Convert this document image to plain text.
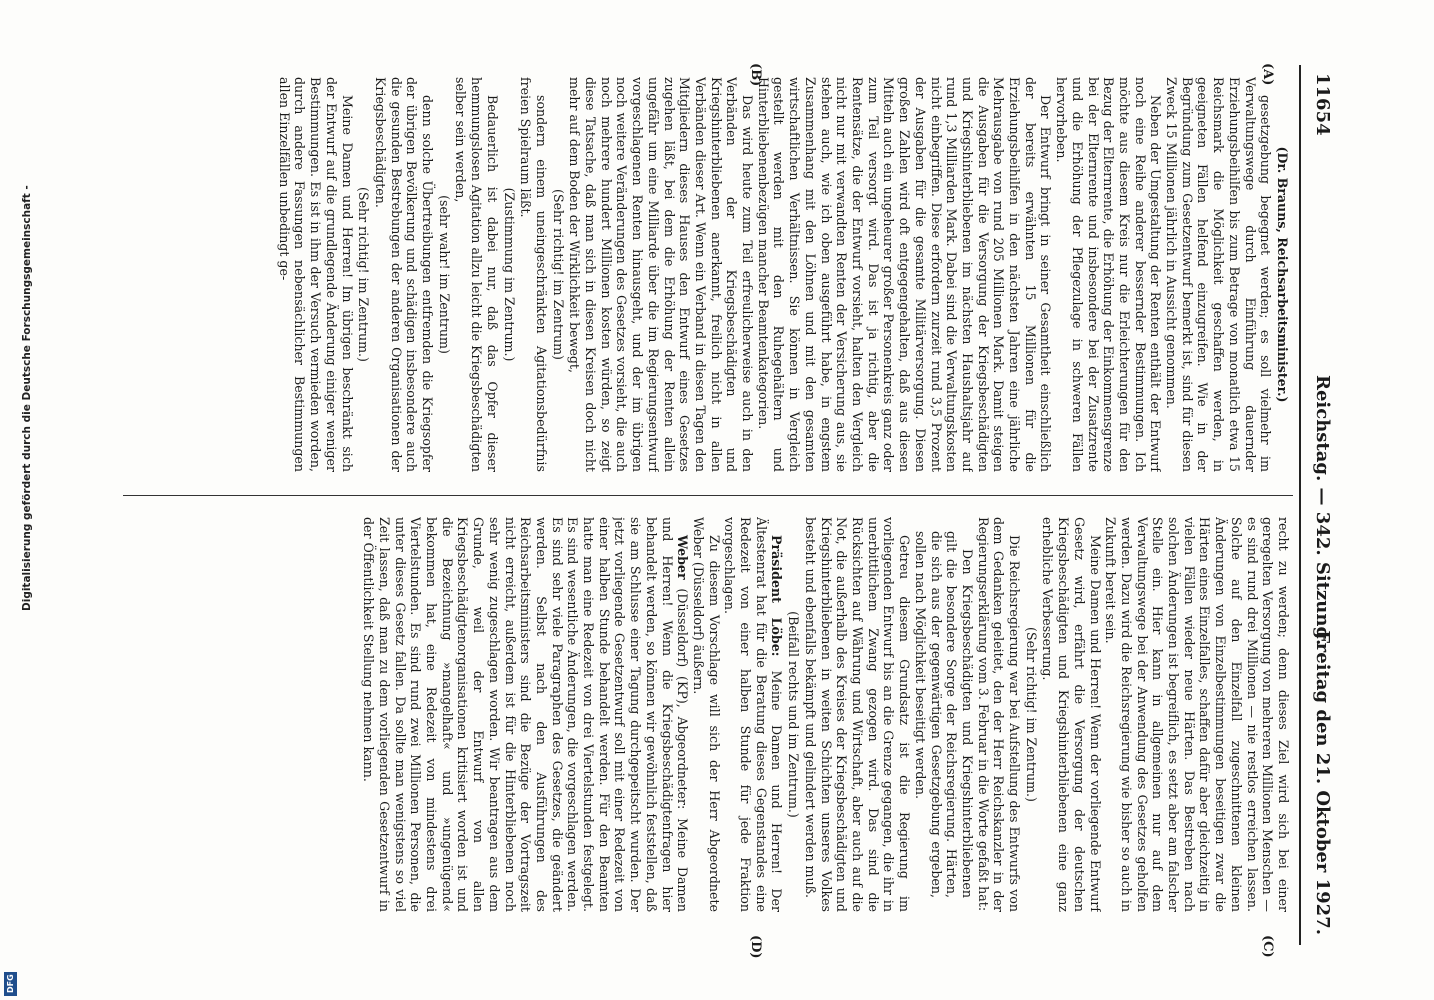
11654
Reichstag. — 342. Sitzung.
Freitag den 21. Oktober 1927.
(A)
(B)
(C)
(D)

(Dr. Brauns, Reichsarbeitsminister.)

gesetzgebung begegnet werden; es soll vielmehr im Verwaltungswege durch Einführung dauernder Erziehungsbeihilfen bis zum Betrage von monatlich etwa 15 Reichsmark die Möglichkeit geschaffen werden, in geeigneten Fällen helfend einzugreifen. Wie in der Begründung zum Gesetzentwurf bemerkt ist, sind für diesen Zweck 15 Millionen jährlich in Aussicht genommen.

Neben der Umgestaltung der Renten enthält der Entwurf noch eine Reihe anderer bessernder Bestimmungen. Ich möchte aus diesem Kreis nur die Erleichterungen für den Bezug der Elternrente, die Erhöhung der Einkommensgrenze bei der Elternrente und insbesondere bei der Zusatzrente und die Erhöhung der Pflegezulage in schweren Fällen hervorheben.

Der Entwurf bringt in seiner Gesamtheit einschließlich der bereits erwähnten 15 Millionen für die Erziehungsbeihilfen in den nächsten Jahren eine jährliche Mehrausgabe von rund 205 Millionen Mark. Damit steigen die Ausgaben für die Versorgung der Kriegsbeschädigten und Kriegshinterbliebenen im nächsten Haushaltsjahr auf rund 1,3 Milliarden Mark. Dabei sind die Verwaltungskosten nicht einbegriffen. Diese erfordern zurzeit rund 3,5 Prozent der Ausgaben für die gesamte Militärversorgung. Diesen großen Zahlen wird oft entgegengehalten, daß aus diesen Mitteln auch ein ungeheurer großer Personenkreis ganz oder zum Teil versorgt wird. Das ist ja richtig, aber die Rentensätze, die der Entwurf vorsieht, halten den Vergleich nicht nur mit verwandten Renten der Versicherung aus, sie stehen auch, wie ich oben ausgeführt habe, in engstem Zusammenhang mit den Löhnen und mit den gesamten wirtschaftlichen Verhältnissen. Sie können in Vergleich gestellt werden mit den Ruhegehältern und Hinterbliebenenbezügen mancher Beamtenkategorien.

Das wird heute zum Teil erfreulicherweise auch in den Verbänden der Kriegsbeschädigten und Kriegshinterbliebenen anerkannt, freilich nicht in allen Verbänden dieser Art. Wenn ein Verband in diesen Tagen den Mitgliedern dieses Hauses den Entwurf eines Gesetzes zugehen läßt, bei dem die Erhöhung der Renten allein ungefähr um eine Milliarde über die im Regierungsentwurf vorgeschlagenen Renten hinausgeht, und der im übrigen noch weitere Veränderungen des Gesetzes vorsieht, die auch noch mehrere hundert Millionen kosten würden, so zeigt diese Tatsache, daß man sich in diesen Kreisen doch nicht mehr auf dem Boden der Wirklichkeit bewegt,

(Sehr richtig! im Zentrum)

sondern einem uneingeschränkten Agitationsbedürfnis freien Spielraum läßt.

(Zustimmung im Zentrum.)

Bedauerlich ist dabei nur, daß das Opfer dieser hemmungslosen Agitation allzu leicht die Kriegsbeschädigten selber sein werden,

(sehr wahr! im Zentrum)

denn solche Übertreibungen entfremden die Kriegsopfer der übrigen Bevölkerung und schädigen insbesondere auch die gesunden Bestrebungen der anderen Organisationen der Kriegsbeschädigten.

(Sehr richtig! im Zentrum.)

Meine Damen und Herren! Im übrigen beschränkt sich der Entwurf auf die grundlegende Änderung einiger weniger Bestimmungen. Es ist in ihm der Versuch vermieden worden, durch andere Fassungen nebensächlicher Bestimmungen allen Einzelfällen unbedingt ge-

recht zu werden; denn dieses Ziel wird sich bei einer geregelten Versorgung von mehreren Millionen Menschen — es sind rund drei Millionen — nie restlos erreichen lassen. Solche auf den Einzelfall zugeschnittenen kleinen Änderungen von Einzelbestimmungen beseitigen zwar die Härten eines Einzelfalles, schaffen dafür aber gleichzeitig in vielen Fällen wieder neue Härten. Das Bestreben nach solchen Änderungen ist begreiflich, es setzt aber am falscher Stelle ein. Hier kann in allgemeinen nur auf dem Verwaltungswege bei der Anwendung des Gesetzes geholfen werden. Dazu wird die Reichsregierung wie bisher so auch in Zukunft bereit sein.

Meine Damen und Herren! Wenn der vorliegende Entwurf Gesetz wird, erfährt die Versorgung der deutschen Kriegsbeschädigten und Kriegshinterbliebenen eine ganz erhebliche Verbesserung.

(Sehr richtig! im Zentrum.)

Die Reichsregierung war bei Aufstellung des Entwurfs von dem Gedanken geleitet, den der Herr Reichskanzler in der Regierungserklärung vom 3. Februar in die Worte gefaßt hat:

Den Kriegsbeschädigten und Kriegshinterbliebenen gilt die besondere Sorge der Reichsregierung. Härten, die sich aus der gegenwärtigen Gesetzgebung ergeben, sollen nach Möglichkeit beseitigt werden.

Getreu diesem Grundsatz ist die Regierung im vorliegenden Entwurf bis an die Grenze gegangen, die ihr in unerbittlichem Zwang gezogen wird. Das sind die Rücksichten auf Währung und Wirtschaft, aber auch auf die Not, die außerhalb des Kreises der Kriegsbeschädigten und Kriegshinterbliebenen in weiten Schichten unseres Volkes besteht und ebenfalls bekämpft und gelindert werden muß.

(Beifall rechts und im Zentrum.)

Präsident Löbe: Meine Damen und Herren! Der Ältestenrat hat für die Beratung dieses Gegenstandes eine Redezeit von einer halben Stunde für jede Fraktion vorgeschlagen.

Zu diesem Vorschlage will sich der Herr Abgeordnete Weber (Düsseldorf) äußern.

Weber (Düsseldorf) (KP), Abgeordneter: Meine Damen und Herren! Wenn die Kriegsbeschädigtenfragen hier behandelt werden, so können wir gewöhnlich feststellen, daß sie am Schlusse einer Tagung durchgepeitscht wurden. Der jetzt vorliegende Gesetzentwurf soll mit einer Redezeit von einer halben Stunde behandelt werden. Für den Beamten hatte man eine Redezeit von drei Viertelstunden festgelegt. Es sind wesentliche Änderungen, die vorgeschlagen werden. Es sind sehr viele Paragraphen des Gesetzes, die geändert werden. Selbst nach den Ausführungen des Reichsarbeitsministers sind die Bezüge der Vortragszeit nicht erreicht, außerdem ist für die Hinterbliebenen noch sehr wenig zugeschlagen worden. Wir beantragen aus dem Grunde, weil der Entwurf von allen Kriegsbeschädigtenorganisationen kritisiert worden ist und die Bezeichnung »mangelhaft« und »ungenügend« bekommen hat, eine Redezeit von mindestens drei Viertelstunden. Es sind rund zwei Millionen Personen, die unter dieses Gesetz fallen. Da sollte man wenigstens so viel Zeit lassen, daß man zu dem vorliegenden Gesetzentwurf in der Öffentlichkeit Stellung nehmen kann.

Digitalisierung gefördert durch die Deutsche Forschungsgemeinschaft -
DFG
